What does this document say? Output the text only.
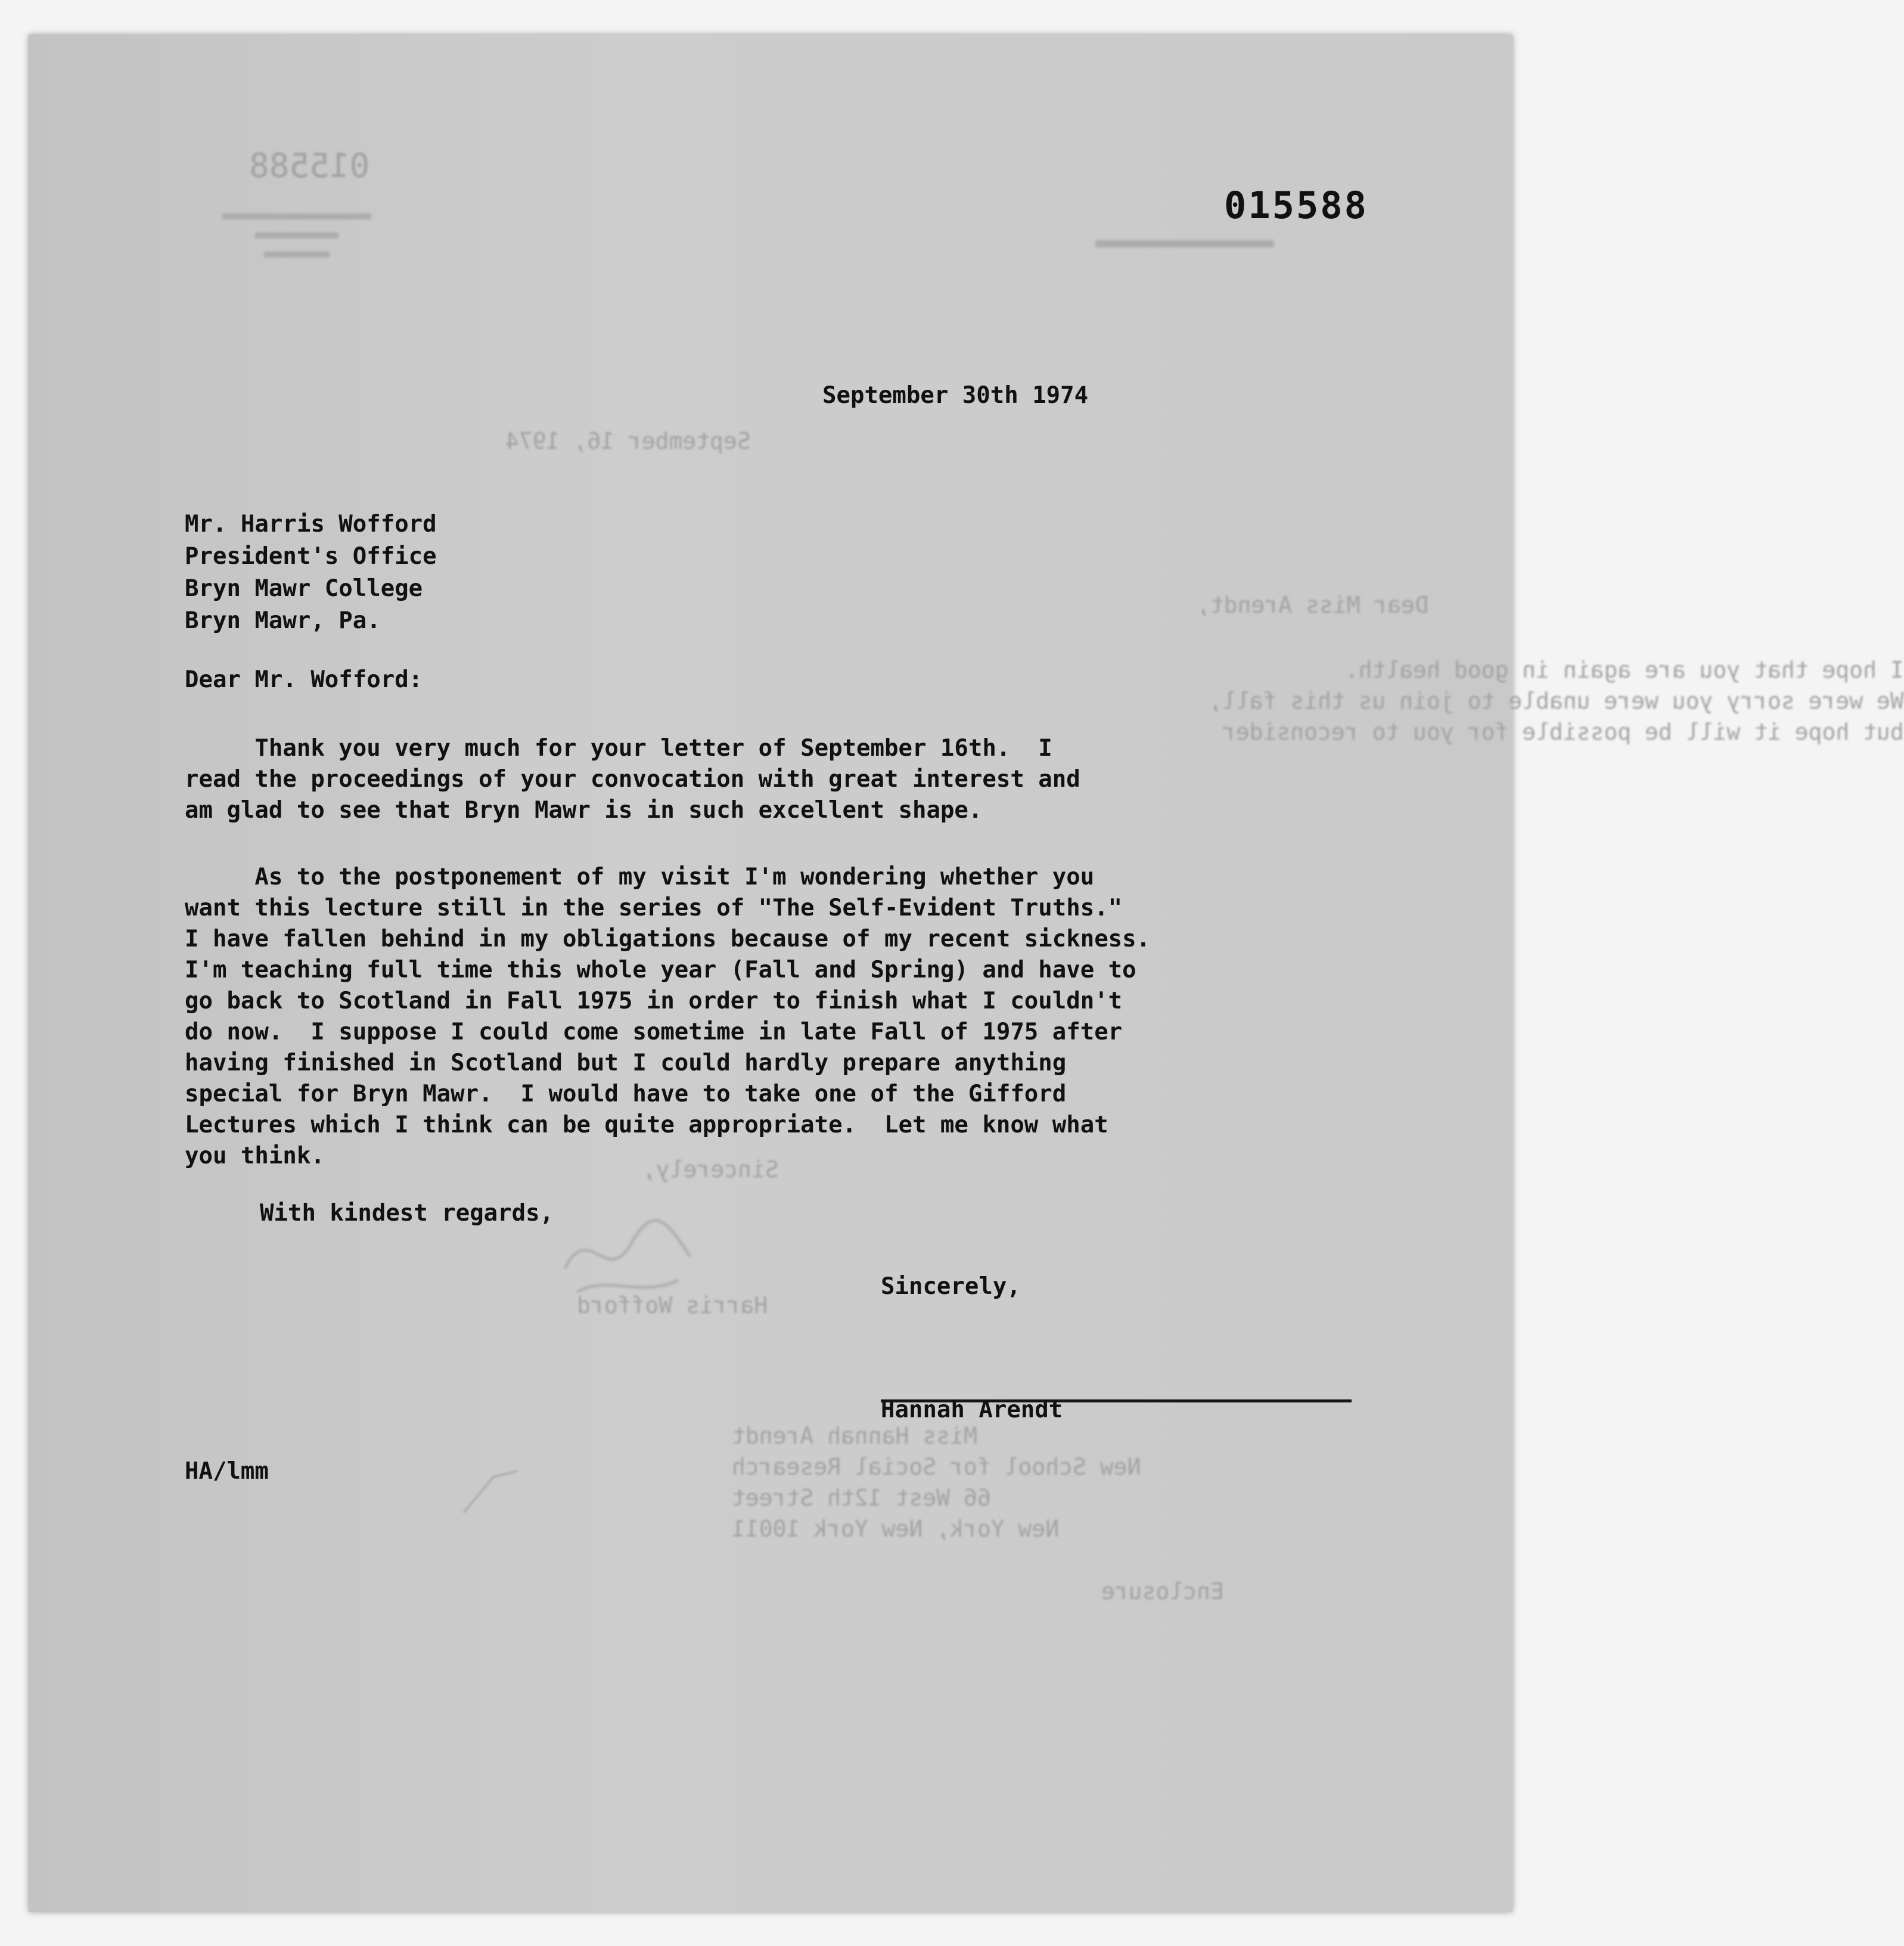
015588
September 16, 1974
Dear Miss Arendt,
I hope that you are again in good health.
We were sorry you were unable to join us this fall,
but hope it will be possible for you to reconsider
Sincerely,
Harris Wofford
Miss Hannah Arendt
New School for Social Research
66 West 12th Street
New York, New York 10011
Enclosure
015588
September 30th 1974
Mr. Harris Wofford
President's Office
Bryn Mawr College
Bryn Mawr, Pa.
Dear Mr. Wofford:
Thank you very much for your letter of September 16th.  I
read the proceedings of your convocation with great interest and
am glad to see that Bryn Mawr is in such excellent shape.
As to the postponement of my visit I'm wondering whether you
want this lecture still in the series of "The Self-Evident Truths."
I have fallen behind in my obligations because of my recent sickness.
I'm teaching full time this whole year (Fall and Spring) and have to
go back to Scotland in Fall 1975 in order to finish what I couldn't
do now.  I suppose I could come sometime in late Fall of 1975 after
having finished in Scotland but I could hardly prepare anything
special for Bryn Mawr.  I would have to take one of the Gifford
Lectures which I think can be quite appropriate.  Let me know what
you think.
With kindest regards,
Sincerely,
Hannah Arendt
HA/lmm
